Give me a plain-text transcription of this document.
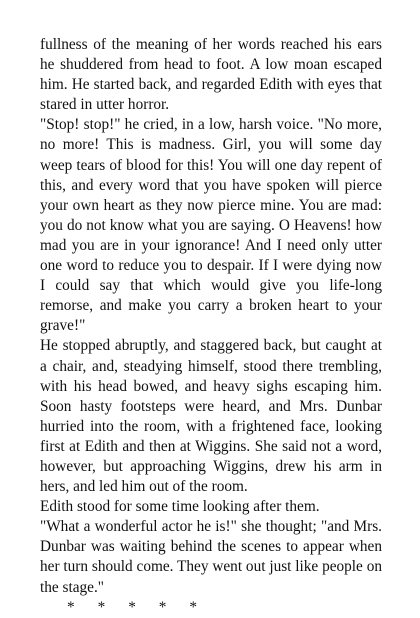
fullness of the meaning of her words reached his ears he shuddered from head to foot. A low moan escaped him. He started back, and regarded Edith with eyes that stared in utter horror.

"Stop! stop!" he cried, in a low, harsh voice. "No more, no more! This is madness. Girl, you will some day weep tears of blood for this! You will one day repent of this, and every word that you have spoken will pierce your own heart as they now pierce mine. You are mad: you do not know what you are saying. O Heavens! how mad you are in your ignorance! And I need only utter one word to reduce you to despair. If I were dying now I could say that which would give you life-long remorse, and make you carry a broken heart to your grave!"

He stopped abruptly, and staggered back, but caught at a chair, and, steadying himself, stood there trembling, with his head bowed, and heavy sighs escaping him. Soon hasty footsteps were heard, and Mrs. Dunbar hurried into the room, with a frightened face, looking first at Edith and then at Wiggins. She said not a word, however, but approaching Wiggins, drew his arm in hers, and led him out of the room.

Edith stood for some time looking after them.

"What a wonderful actor he is!" she thought; "and Mrs. Dunbar was waiting behind the scenes to appear when her turn should come. They went out just like people on the stage."

*      *      *      *      *
